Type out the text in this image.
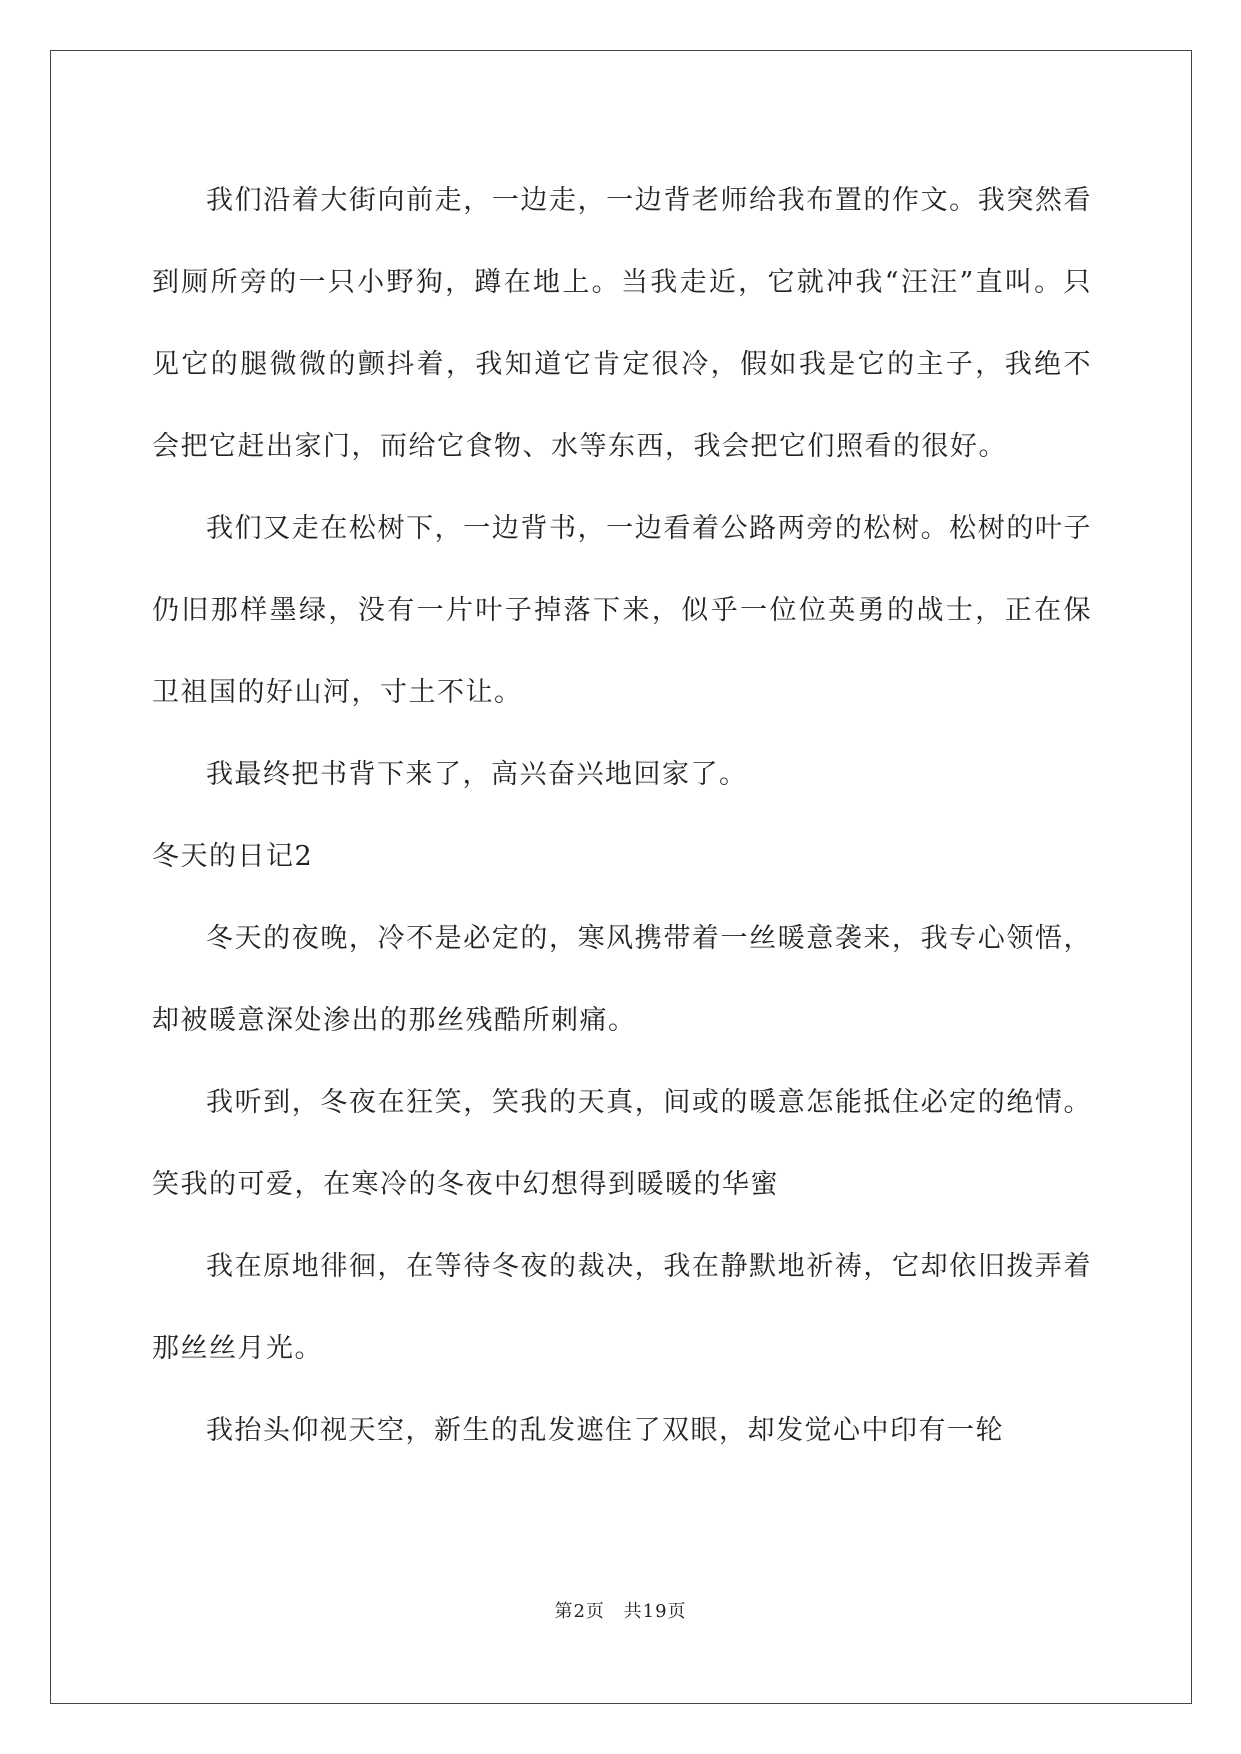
我们沿着大街向前走，一边走，一边背老师给我布置的作文。我突然看到厕所旁的一只小野狗，蹲在地上。当我走近，它就冲我“汪汪”直叫。只见它的腿微微的颤抖着，我知道它肯定很冷，假如我是它的主子，我绝不会把它赶出家门，而给它食物、水等东西，我会把它们照看的很好。

我们又走在松树下，一边背书，一边看着公路两旁的松树。松树的叶子仍旧那样墨绿，没有一片叶子掉落下来，似乎一位位英勇的战士，正在保卫祖国的好山河，寸土不让。

我最终把书背下来了，高兴奋兴地回家了。

冬天的日记2

冬天的夜晚，冷不是必定的，寒风携带着一丝暖意袭来，我专心领悟，却被暖意深处渗出的那丝残酷所刺痛。

我听到，冬夜在狂笑，笑我的天真，间或的暖意怎能抵住必定的绝情。笑我的可爱，在寒冷的冬夜中幻想得到暖暖的华蜜

我在原地徘徊，在等待冬夜的裁决，我在静默地祈祷，它却依旧拨弄着那丝丝月光。

我抬头仰视天空，新生的乱发遮住了双眼，却发觉心中印有一轮

第2页 共19页
